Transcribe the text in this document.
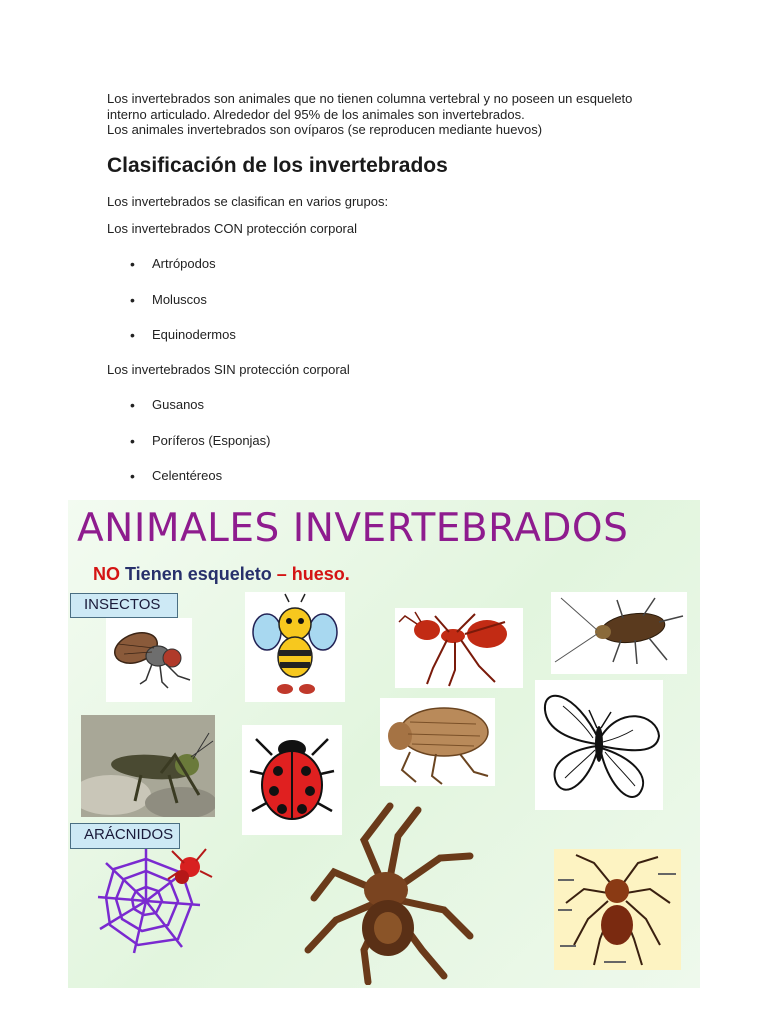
Los invertebrados son animales que no tienen columna vertebral y no poseen un esqueleto

interno articulado. Alrededor del 95% de los animales son invertebrados.

Los animales invertebrados son ovíparos (se reproducen mediante huevos)

Clasificación de los invertebrados

Los invertebrados se clasifican en varios grupos:

Los invertebrados CON protección corporal

• Artrópodos
• Moluscos
• Equinodermos

Los invertebrados SIN protección corporal

• Gusanos
• Poríferos (Esponjas)
• Celentéreos
ANIMALES INVERTEBRADOS
NO Tienen esqueleto – hueso.
INSECTOS
ARÁCNIDOS
